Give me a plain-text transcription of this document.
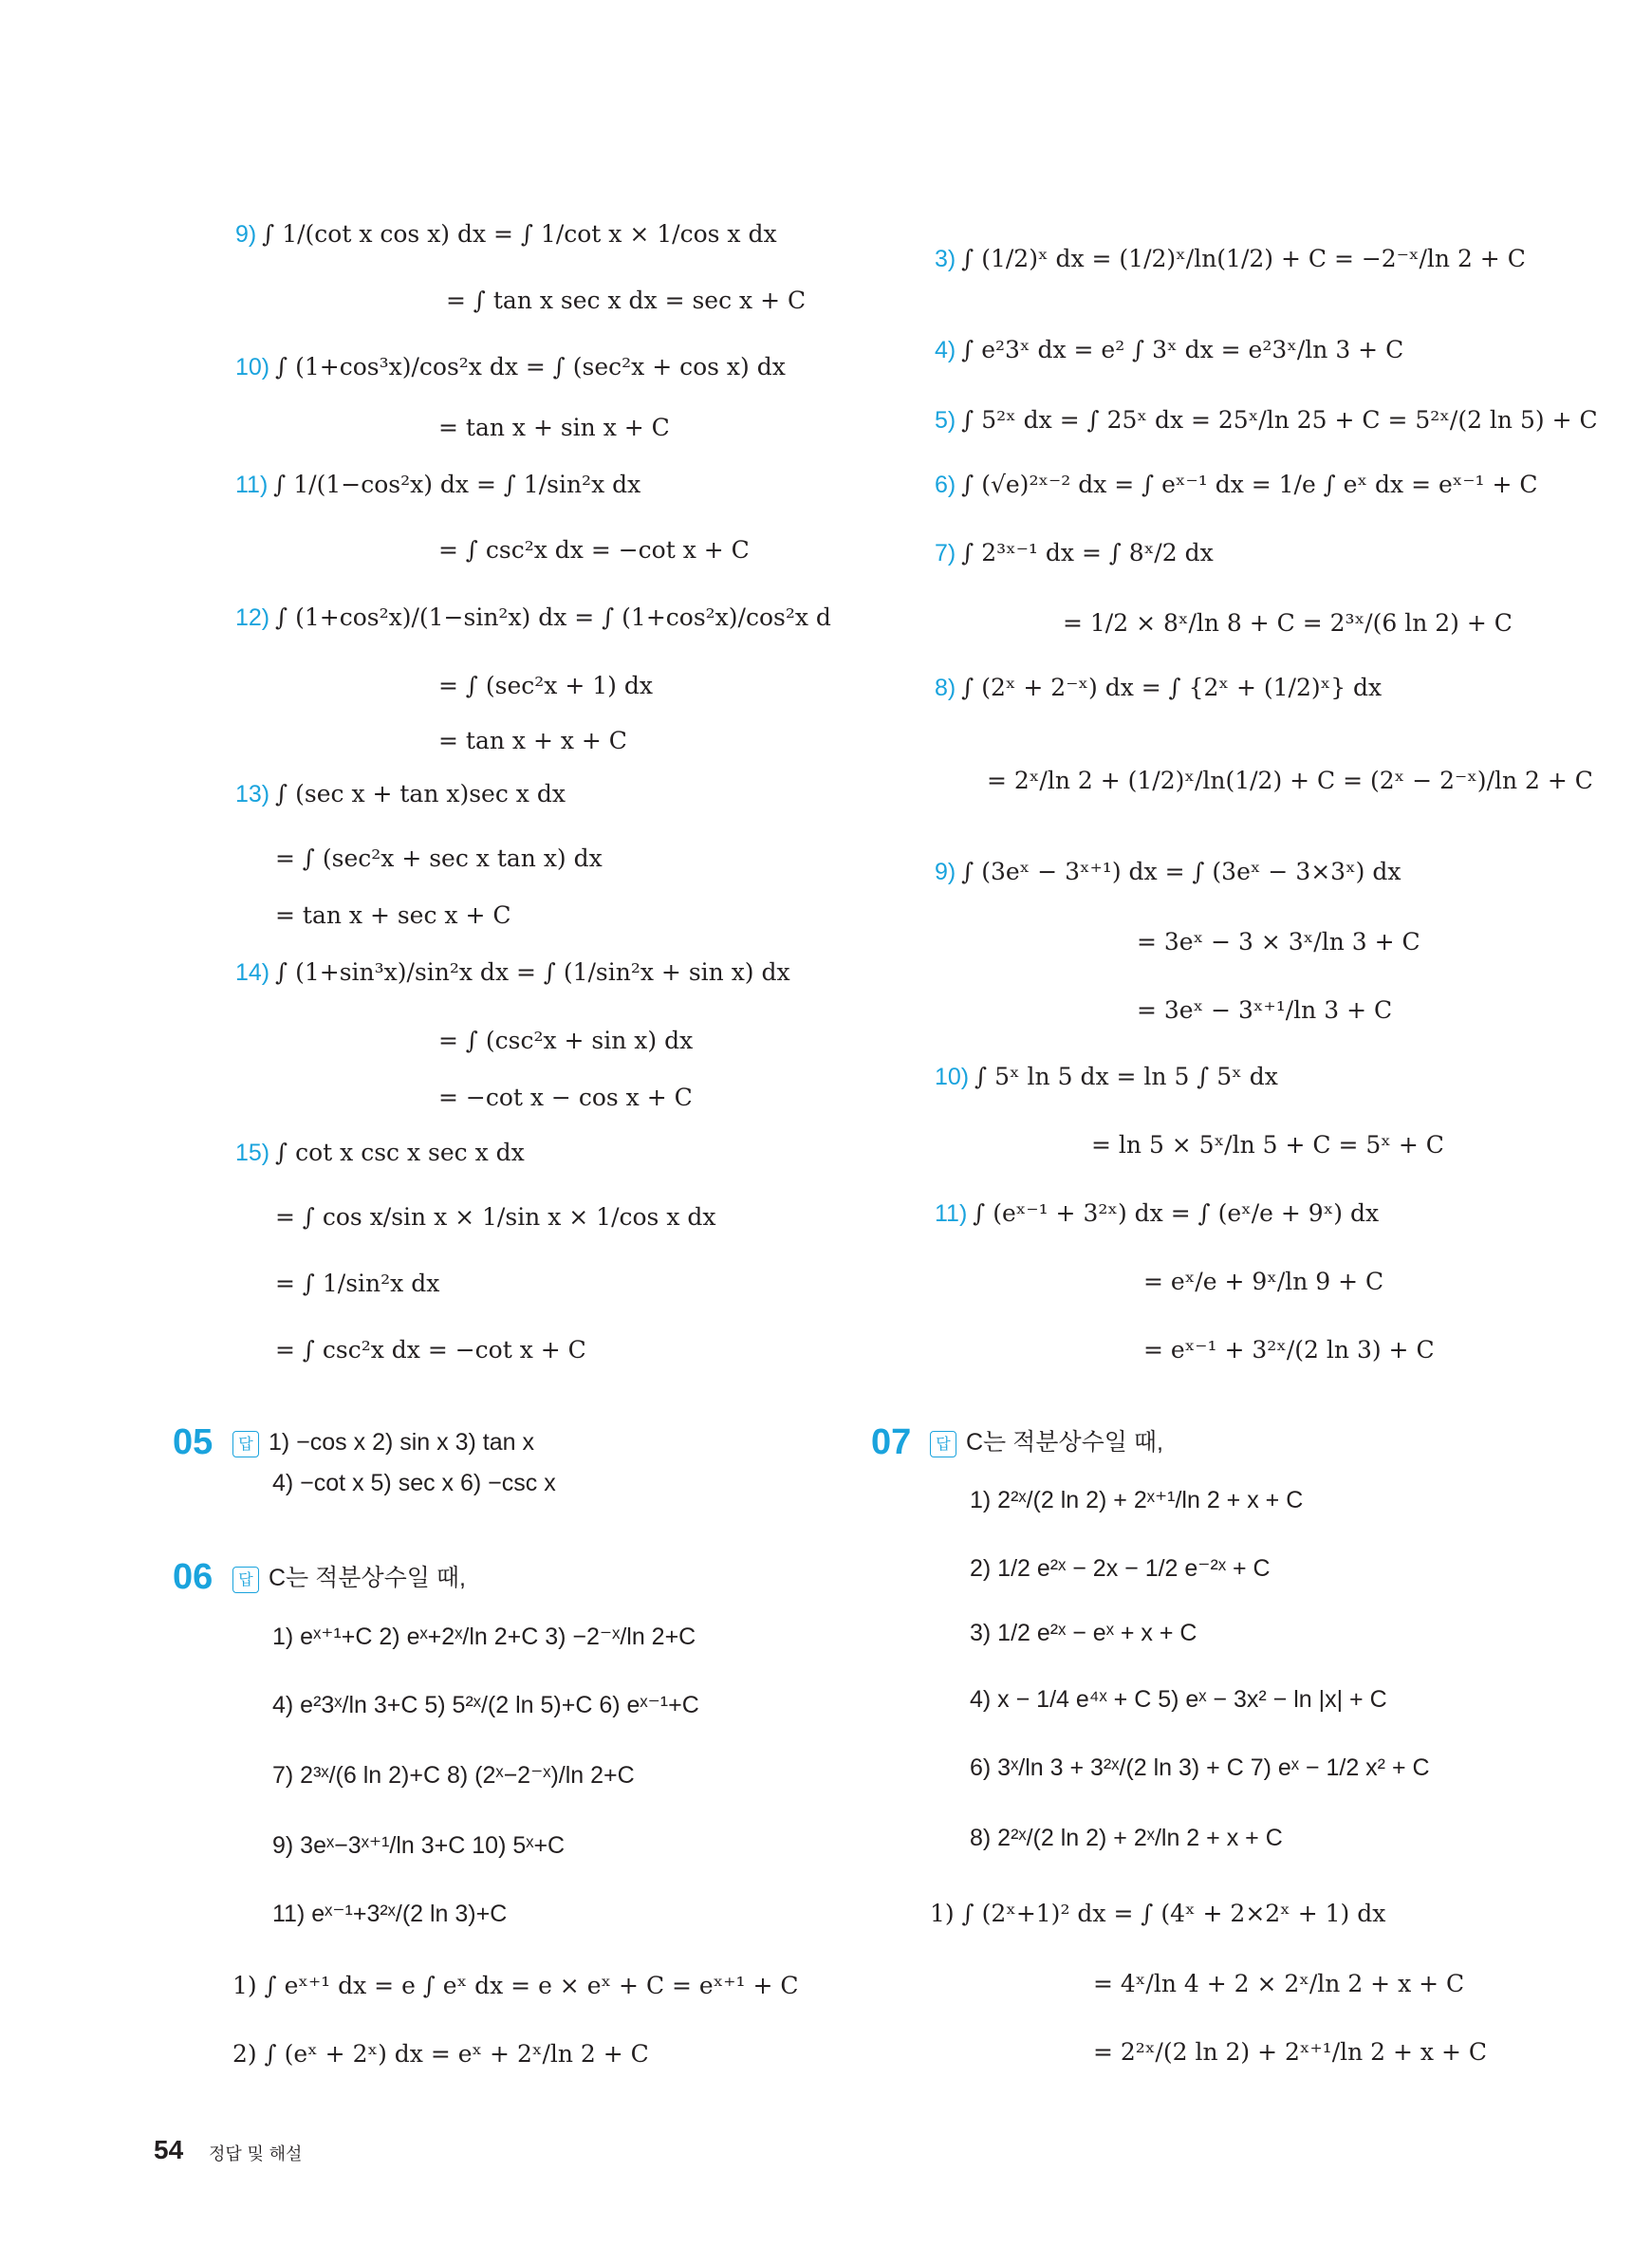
9) ∫ 1/(cot x cos x) dx = ∫ 1/cot x × 1/cos x dx
= ∫ tan x sec x dx = sec x + C
10) ∫ (1+cos³x)/cos²x dx = ∫ (sec²x + cos x) dx
= tan x + sin x + C
11) ∫ 1/(1−cos²x) dx = ∫ 1/sin²x dx
= ∫ csc²x dx = −cot x + C
12) ∫ (1+cos²x)/(1−sin²x) dx = ∫ (1+cos²x)/cos²x d
= ∫ (sec²x + 1) dx
= tan x + x + C
13) ∫ (sec x + tan x)sec x dx
= ∫ (sec²x + sec x tan x) dx
= tan x + sec x + C
14) ∫ (1+sin³x)/sin²x dx = ∫ (1/sin²x + sin x) dx
= ∫ (csc²x + sin x) dx
= −cot x − cos x + C
15) ∫ cot x csc x sec x dx
= ∫ cos x/sin x × 1/sin x × 1/cos x dx
= ∫ 1/sin²x dx
= ∫ csc²x dx = −cot x + C
3) ∫ (1/2)ˣ dx = (1/2)ˣ/ln(1/2) + C = −2⁻ˣ/ln 2 + C
4) ∫ e²3ˣ dx = e² ∫ 3ˣ dx = e²3ˣ/ln 3 + C
5) ∫ 5²ˣ dx = ∫ 25ˣ dx = 25ˣ/ln 25 + C = 5²ˣ/(2 ln 5) + C
6) ∫ (√e)²ˣ⁻² dx = ∫ eˣ⁻¹ dx = 1/e ∫ eˣ dx = eˣ⁻¹ + C
7) ∫ 2³ˣ⁻¹ dx = ∫ 8ˣ/2 dx
= 1/2 × 8ˣ/ln 8 + C = 2³ˣ/(6 ln 2) + C
8) ∫ (2ˣ + 2⁻ˣ) dx = ∫ {2ˣ + (1/2)ˣ} dx
= 2ˣ/ln 2 + (1/2)ˣ/ln(1/2) + C = (2ˣ − 2⁻ˣ)/ln 2 + C
9) ∫ (3eˣ − 3ˣ⁺¹) dx = ∫ (3eˣ − 3×3ˣ) dx
= 3eˣ − 3 × 3ˣ/ln 3 + C
= 3eˣ − 3ˣ⁺¹/ln 3 + C
10) ∫ 5ˣ ln 5 dx = ln 5 ∫ 5ˣ dx
= ln 5 × 5ˣ/ln 5 + C = 5ˣ + C
11) ∫ (eˣ⁻¹ + 3²ˣ) dx = ∫ (eˣ/e + 9ˣ) dx
= eˣ/e + 9ˣ/ln 9 + C
= eˣ⁻¹ + 3²ˣ/(2 ln 3) + C
05	답 1) −cos x 2) sin x 3) tan x
4) −cot x 5) sec x 6) −csc x
06	답 C는 적분상수일 때,
1) eˣ⁺¹+C 2) eˣ+2ˣ/ln 2+C 3) −2⁻ˣ/ln 2+C
4) e²3ˣ/ln 3+C 5) 5²ˣ/(2 ln 5)+C 6) eˣ⁻¹+C
7) 2³ˣ/(6 ln 2)+C 8) (2ˣ−2⁻ˣ)/ln 2+C
9) 3eˣ−3ˣ⁺¹/ln 3+C 10) 5ˣ+C
11) eˣ⁻¹+3²ˣ/(2 ln 3)+C
1) ∫ eˣ⁺¹ dx = e ∫ eˣ dx = e × eˣ + C = eˣ⁺¹ + C
2) ∫ (eˣ + 2ˣ) dx = eˣ + 2ˣ/ln 2 + C
07	답 C는 적분상수일 때,
1) 2²ˣ/(2 ln 2) + 2ˣ⁺¹/ln 2 + x + C
2) 1/2 e²ˣ − 2x − 1/2 e⁻²ˣ + C
3) 1/2 e²ˣ − eˣ + x + C
4) x − 1/4 e⁴ˣ + C 5) eˣ − 3x² − ln |x| + C
6) 3ˣ/ln 3 + 3²ˣ/(2 ln 3) + C 7) eˣ − 1/2 x² + C
8) 2²ˣ/(2 ln 2) + 2ˣ/ln 2 + x + C
1) ∫ (2ˣ+1)² dx = ∫ (4ˣ + 2×2ˣ + 1) dx
= 4ˣ/ln 4 + 2 × 2ˣ/ln 2 + x + C
= 2²ˣ/(2 ln 2) + 2ˣ⁺¹/ln 2 + x + C
54 정답 및 해설
